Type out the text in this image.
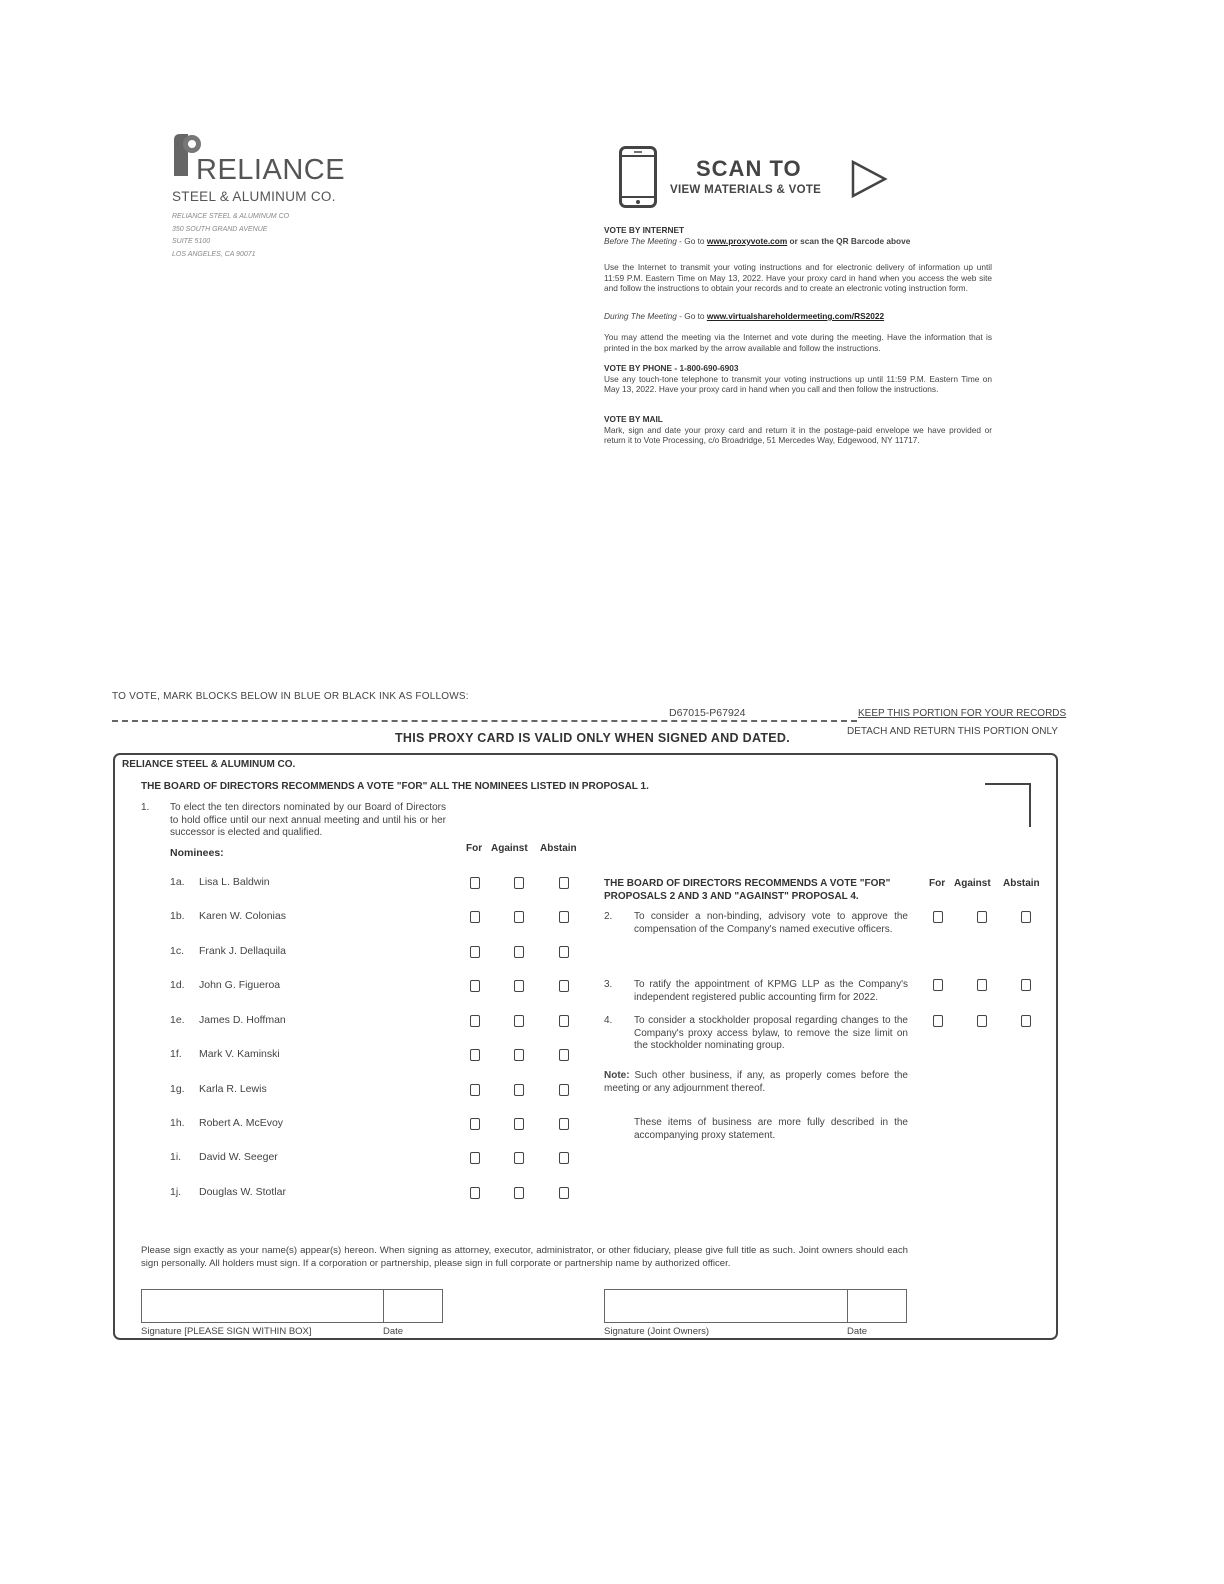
RELIANCE
STEEL & ALUMINUM CO.
RELIANCE STEEL & ALUMINUM CO
350 SOUTH GRAND AVENUE
SUITE 5100
LOS ANGELES, CA 90071
SCAN TO
VIEW MATERIALS & VOTE
VOTE BY INTERNET
Before The Meeting - Go to www.proxyvote.com or scan the QR Barcode above
Use the Internet to transmit your voting instructions and for electronic delivery of information up until 11:59 P.M. Eastern Time on May 13, 2022. Have your proxy card in hand when you access the web site and follow the instructions to obtain your records and to create an electronic voting instruction form.
During The Meeting - Go to www.virtualshareholdermeeting.com/RS2022
You may attend the meeting via the Internet and vote during the meeting. Have the information that is printed in the box marked by the arrow available and follow the instructions.
VOTE BY PHONE - 1-800-690-6903
Use any touch-tone telephone to transmit your voting instructions up until 11:59 P.M. Eastern Time on May 13, 2022. Have your proxy card in hand when you call and then follow the instructions.
VOTE BY MAIL
Mark, sign and date your proxy card and return it in the postage-paid envelope we have provided or return it to Vote Processing, c/o Broadridge, 51 Mercedes Way, Edgewood, NY 11717.
TO VOTE, MARK BLOCKS BELOW IN BLUE OR BLACK INK AS FOLLOWS:
D67015-P67924	KEEP THIS PORTION FOR YOUR RECORDS
DETACH AND RETURN THIS PORTION ONLY
THIS PROXY CARD IS VALID ONLY WHEN SIGNED AND DATED.
RELIANCE STEEL & ALUMINUM CO.
THE BOARD OF DIRECTORS RECOMMENDS A VOTE "FOR" ALL THE NOMINEES LISTED IN PROPOSAL 1.
1. To elect the ten directors nominated by our Board of Directors to hold office until our next annual meeting and until his or her successor is elected and qualified.
Nominees:	For Against Abstain
1a. Lisa L. Baldwin
1b. Karen W. Colonias
1c. Frank J. Dellaquila
1d. John G. Figueroa
1e. James D. Hoffman
1f. Mark V. Kaminski
1g. Karla R. Lewis
1h. Robert A. McEvoy
1i. David W. Seeger
1j. Douglas W. Stotlar
THE BOARD OF DIRECTORS RECOMMENDS A VOTE "FOR" PROPOSALS 2 AND 3 AND "AGAINST" PROPOSAL 4.
For Against Abstain
2. To consider a non-binding, advisory vote to approve the compensation of the Company's named executive officers.
3. To ratify the appointment of KPMG LLP as the Company's independent registered public accounting firm for 2022.
4. To consider a stockholder proposal regarding changes to the Company's proxy access bylaw, to remove the size limit on the stockholder nominating group.
Note: Such other business, if any, as properly comes before the meeting or any adjournment thereof.
These items of business are more fully described in the accompanying proxy statement.
Please sign exactly as your name(s) appear(s) hereon. When signing as attorney, executor, administrator, or other fiduciary, please give full title as such. Joint owners should each sign personally. All holders must sign. If a corporation or partnership, please sign in full corporate or partnership name by authorized officer.
Signature [PLEASE SIGN WITHIN BOX]	Date	Signature (Joint Owners)	Date
